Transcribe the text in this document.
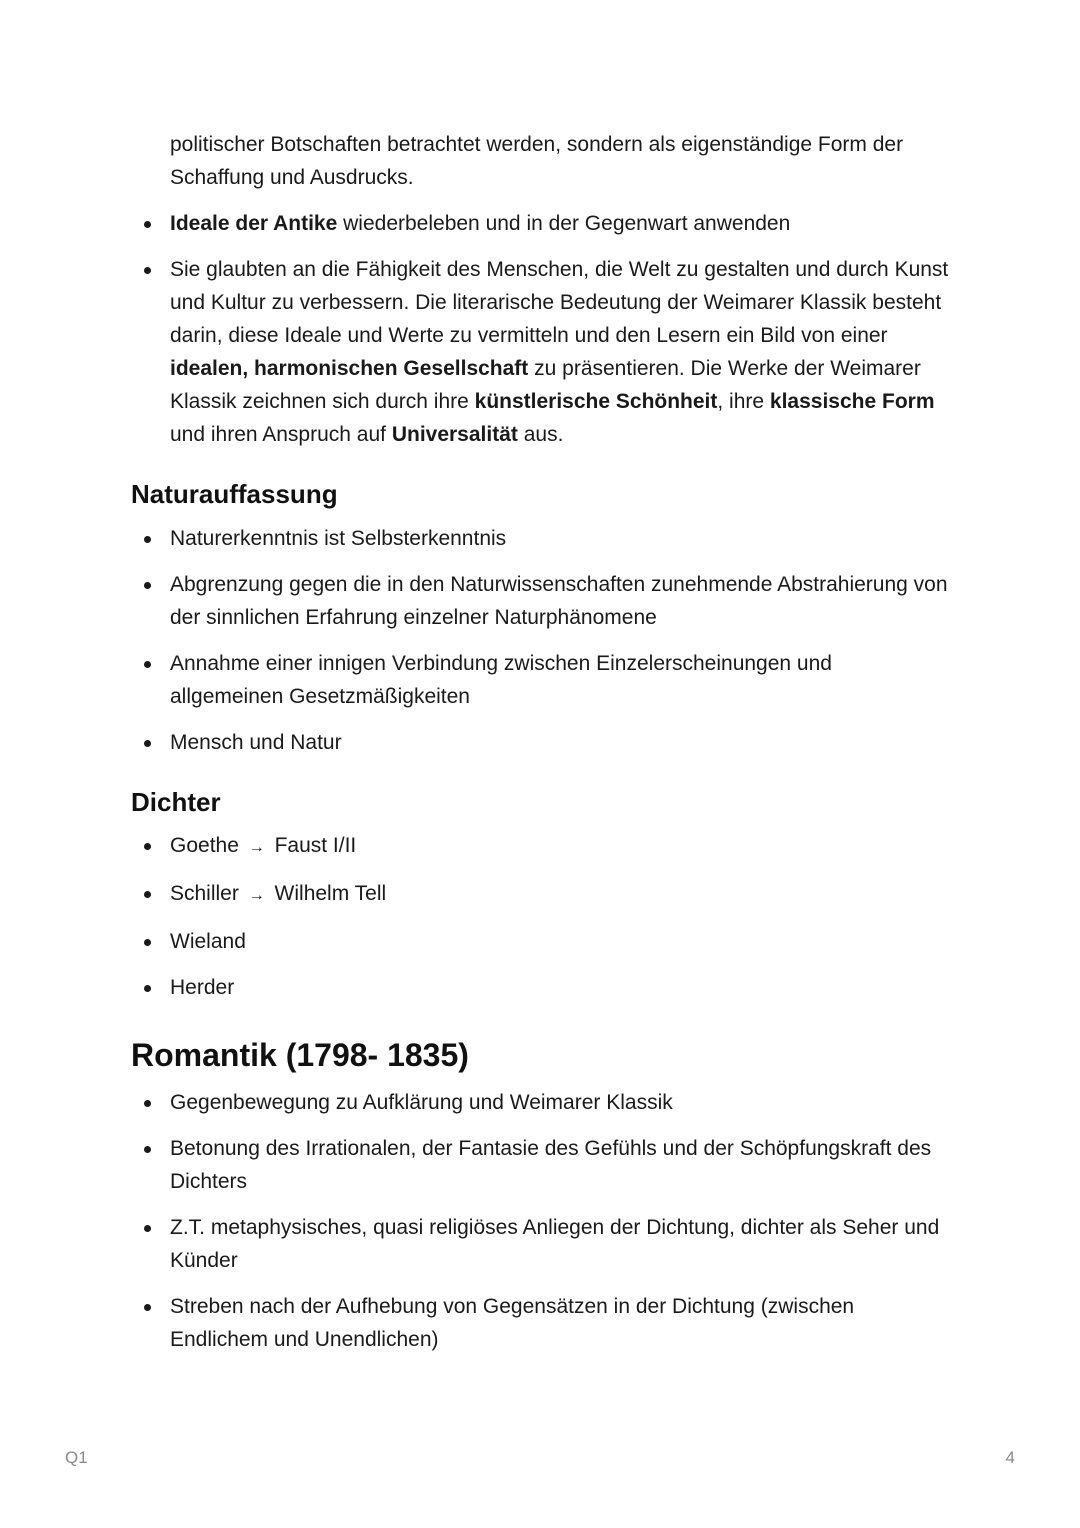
politischer Botschaften betrachtet werden, sondern als eigenständige Form der Schaffung und Ausdrucks.

Ideale der Antike wiederbeleben und in der Gegenwart anwenden
Sie glaubten an die Fähigkeit des Menschen, die Welt zu gestalten und durch Kunst und Kultur zu verbessern. Die literarische Bedeutung der Weimarer Klassik besteht darin, diese Ideale und Werte zu vermitteln und den Lesern ein Bild von einer idealen, harmonischen Gesellschaft zu präsentieren. Die Werke der Weimarer Klassik zeichnen sich durch ihre künstlerische Schönheit, ihre klassische Form und ihren Anspruch auf Universalität aus.
Naturauffassung
Naturerkenntnis ist Selbsterkenntnis
Abgrenzung gegen die in den Naturwissenschaften zunehmende Abstrahierung von der sinnlichen Erfahrung einzelner Naturphänomene
Annahme einer innigen Verbindung zwischen Einzelerscheinungen und allgemeinen Gesetzmäßigkeiten
Mensch und Natur
Dichter
Goethe → Faust I/II
Schiller → Wilhelm Tell
Wieland
Herder
Romantik (1798- 1835)
Gegenbewegung zu Aufklärung und Weimarer Klassik
Betonung des Irrationalen, der Fantasie des Gefühls und der Schöpfungskraft des Dichters
Z.T. metaphysisches, quasi religiöses Anliegen der Dichtung, dichter als Seher und Künder
Streben nach der Aufhebung von Gegensätzen in der Dichtung (zwischen Endlichem und Unendlichen)
Q1	4
